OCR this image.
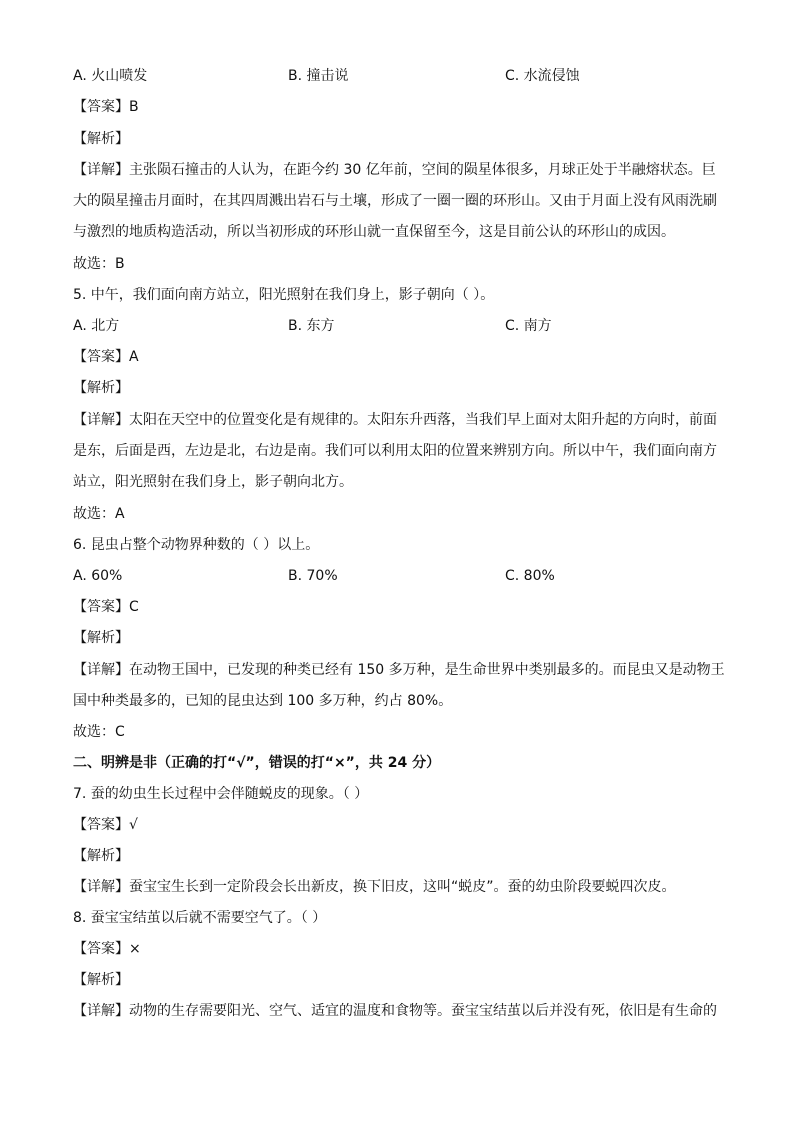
A. 火山喷发	B. 撞击说	C. 水流侵蚀
【答案】B
【解析】
【详解】主张陨石撞击的人认为，在距今约 30 亿年前，空间的陨星体很多，月球正处于半融熔状态。巨
大的陨星撞击月面时，在其四周溅出岩石与土壤，形成了一圈一圈的环形山。又由于月面上没有风雨洗刷
与激烈的地质构造活动，所以当初形成的环形山就一直保留至今，这是目前公认的环形山的成因。
故选：B
5. 中午，我们面向南方站立，阳光照射在我们身上，影子朝向（ ）。
A. 北方	B. 东方	C. 南方
【答案】A
【解析】
【详解】太阳在天空中的位置变化是有规律的。太阳东升西落，当我们早上面对太阳升起的方向时，前面
是东，后面是西，左边是北，右边是南。我们可以利用太阳的位置来辨别方向。所以中午，我们面向南方
站立，阳光照射在我们身上，影子朝向北方。
故选：A
6. 昆虫占整个动物界种数的（ ）以上。
A. 60%	B. 70%	C. 80%
【答案】C
【解析】
【详解】在动物王国中，已发现的种类已经有 150 多万种，是生命世界中类别最多的。而昆虫又是动物王
国中种类最多的，已知的昆虫达到 100 多万种，约占 80%。
故选：C
二、明辨是非（正确的打“√”，错误的打“×”，共 24 分）
7. 蚕的幼虫生长过程中会伴随蜕皮的现象。（ ）
【答案】√
【解析】
【详解】蚕宝宝生长到一定阶段会长出新皮，换下旧皮，这叫“蜕皮”。蚕的幼虫阶段要蜕四次皮。
8. 蚕宝宝结茧以后就不需要空气了。（ ）
【答案】×
【解析】
【详解】动物的生存需要阳光、空气、适宜的温度和食物等。蚕宝宝结茧以后并没有死，依旧是有生命的
